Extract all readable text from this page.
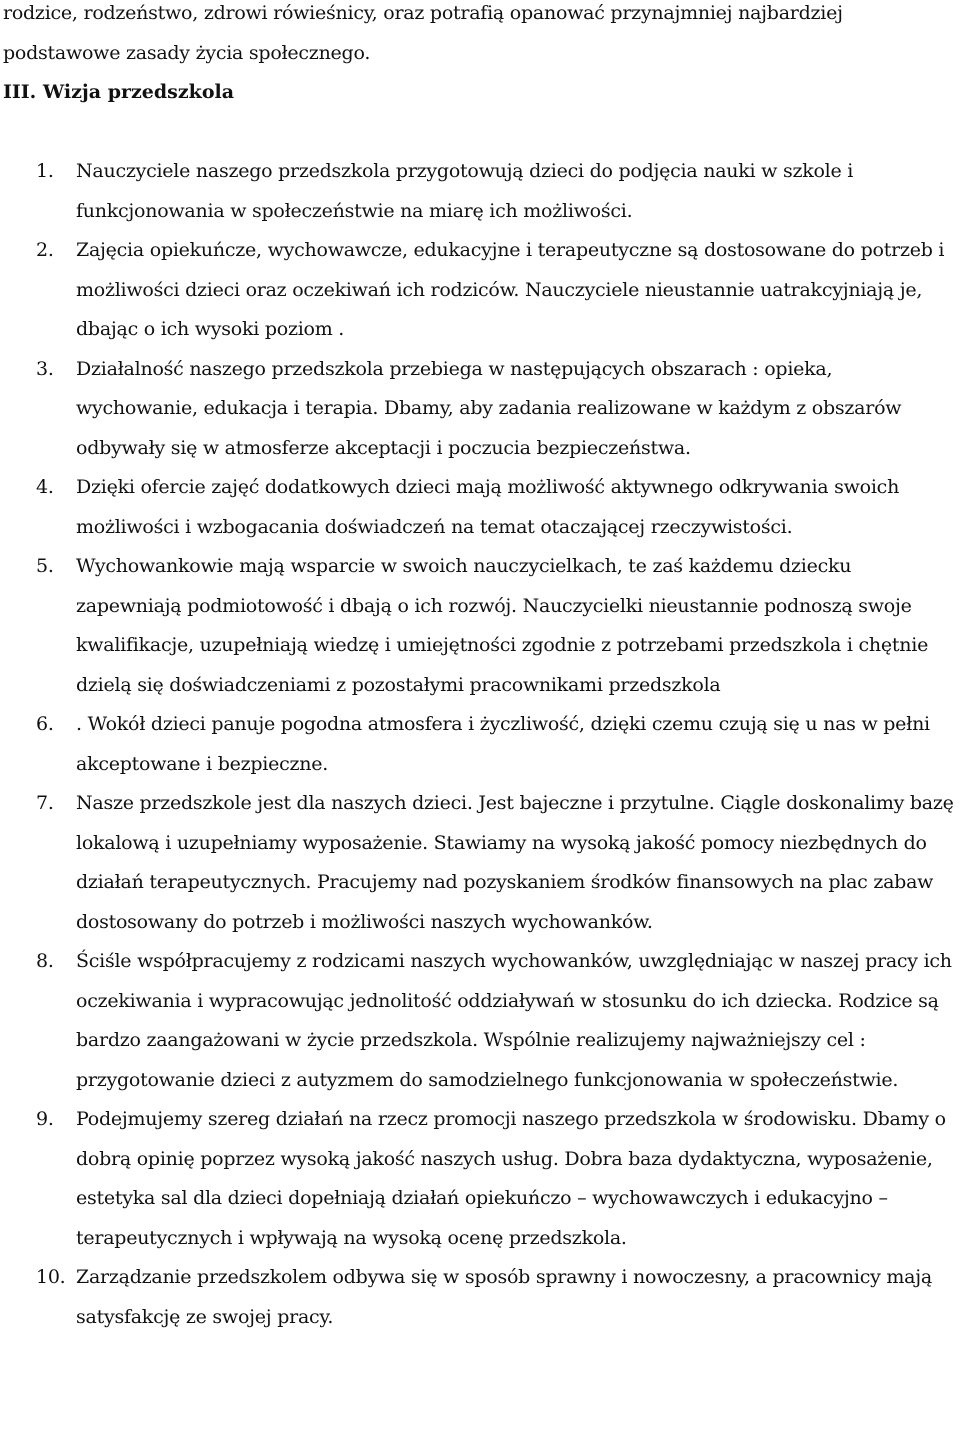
rodzice, rodzeństwo, zdrowi rówieśnicy, oraz potrafią opanować przynajmniej najbardziej podstawowe zasady życia społecznego.

III. Wizja przedszkola

1. Nauczyciele naszego przedszkola przygotowują dzieci do podjęcia nauki w szkole i funkcjonowania w społeczeństwie na miarę ich możliwości.
2. Zajęcia opiekuńcze, wychowawcze, edukacyjne i terapeutyczne są dostosowane do potrzeb i możliwości dzieci oraz oczekiwań ich rodziców. Nauczyciele nieustannie uatrakcyjniają je, dbając o ich wysoki poziom .
3. Działalność naszego przedszkola przebiega w następujących obszarach : opieka, wychowanie, edukacja i terapia. Dbamy, aby zadania realizowane w każdym z obszarów odbywały się w atmosferze akceptacji i poczucia bezpieczeństwa.
4. Dzięki ofercie zajęć dodatkowych dzieci mają możliwość aktywnego odkrywania swoich możliwości i wzbogacania doświadczeń na temat otaczającej rzeczywistości.
5. Wychowankowie mają wsparcie w swoich nauczycielkach, te zaś każdemu dziecku zapewniają podmiotowość i dbają o ich rozwój. Nauczycielki nieustannie podnoszą swoje kwalifikacje, uzupełniają wiedzę i umiejętności zgodnie z potrzebami przedszkola i chętnie dzielą się doświadczeniami z pozostałymi pracownikami przedszkola
6. . Wokół dzieci panuje pogodna atmosfera i życzliwość, dzięki czemu czują się u nas w pełni akceptowane i bezpieczne.
7. Nasze przedszkole jest dla naszych dzieci. Jest bajeczne i przytulne. Ciągle doskonalimy bazę lokalową i uzupełniamy wyposażenie. Stawiamy na wysoką jakość pomocy niezbędnych do działań terapeutycznych. Pracujemy nad pozyskaniem środków finansowych na plac zabaw dostosowany do potrzeb i możliwości naszych wychowanków.
8. Ściśle współpracujemy z rodzicami naszych wychowanków, uwzględniając w naszej pracy ich oczekiwania i wypracowując jednolitość oddziaływań w stosunku do ich dziecka. Rodzice są bardzo zaangażowani w życie przedszkola. Wspólnie realizujemy najważniejszy cel : przygotowanie dzieci z autyzmem do samodzielnego funkcjonowania w społeczeństwie.
9. Podejmujemy szereg działań na rzecz promocji naszego przedszkola w środowisku. Dbamy o dobrą opinię poprzez wysoką jakość naszych usług. Dobra baza dydaktyczna, wyposażenie, estetyka sal dla dzieci dopełniają działań opiekuńczo – wychowawczych i edukacyjno – terapeutycznych i wpływają na wysoką ocenę przedszkola.
10. Zarządzanie przedszkolem odbywa się w sposób sprawny i nowoczesny, a pracownicy mają satysfakcję ze swojej pracy.
